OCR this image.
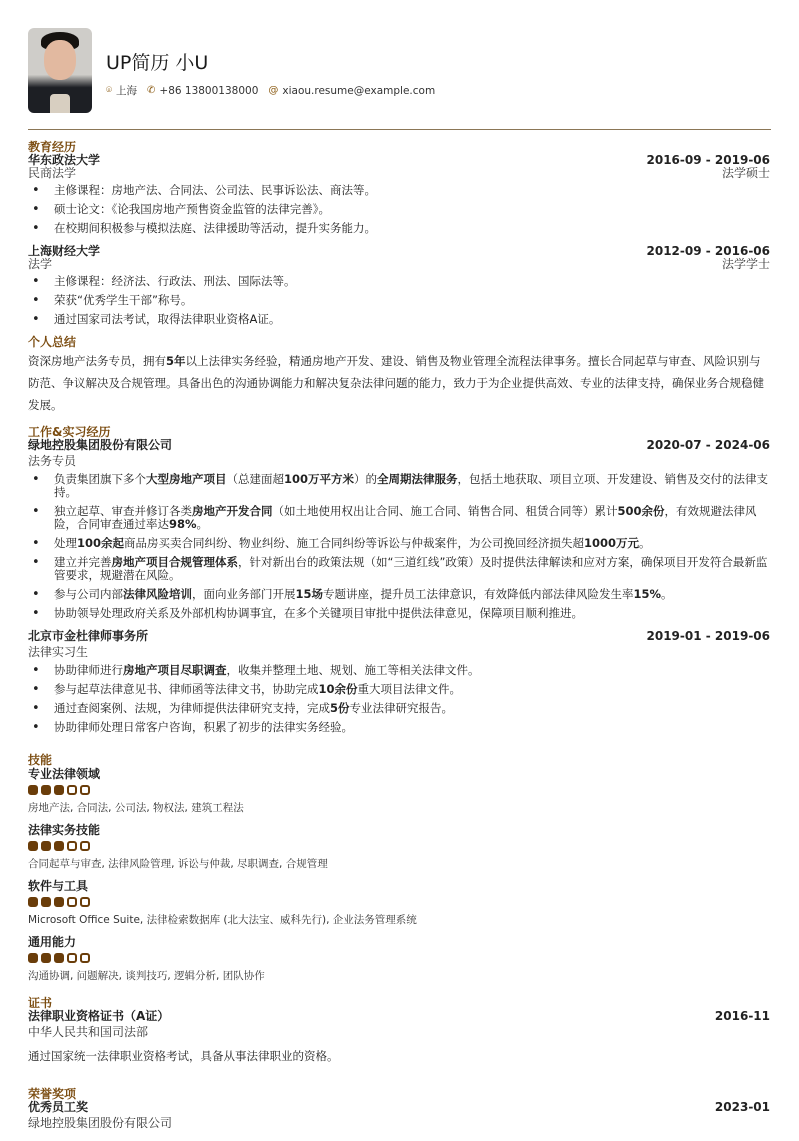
UP简历 小U
⌾ 上海 ✆ +86 13800138000 @ xiaou.resume@example.com
教育经历
华东政法大学	2016-09 - 2019-06
民商法学	法学硕士
• 主修课程：房地产法、合同法、公司法、民事诉讼法、商法等。
• 硕士论文：《论我国房地产预售资金监管的法律完善》。
• 在校期间积极参与模拟法庭、法律援助等活动，提升实务能力。
上海财经大学	2012-09 - 2016-06
法学	法学学士
• 主修课程：经济法、行政法、刑法、国际法等。
• 荣获“优秀学生干部”称号。
• 通过国家司法考试，取得法律职业资格A证。
个人总结
资深房地产法务专员，拥有5年以上法律实务经验，精通房地产开发、建设、销售及物业管理全流程法律事务。擅长合同起草与审查、风险识别与防范、争议解决及合规管理。具备出色的沟通协调能力和解决复杂法律问题的能力，致力于为企业提供高效、专业的法律支持，确保业务合规稳健发展。
工作&实习经历
绿地控股集团股份有限公司	2020-07 - 2024-06
法务专员
• 负责集团旗下多个大型房地产项目（总建面超100万平方米）的全周期法律服务，包括土地获取、项目立项、开发建设、销售及交付的法律支持。
• 独立起草、审查并修订各类房地产开发合同（如土地使用权出让合同、施工合同、销售合同、租赁合同等）累计500余份，有效规避法律风险，合同审查通过率达98%。
• 处理100余起商品房买卖合同纠纷、物业纠纷、施工合同纠纷等诉讼与仲裁案件，为公司挽回经济损失超1000万元。
• 建立并完善房地产项目合规管理体系，针对新出台的政策法规（如“三道红线”政策）及时提供法律解读和应对方案，确保项目开发符合最新监管要求，规避潜在风险。
• 参与公司内部法律风险培训，面向业务部门开展15场专题讲座，提升员工法律意识，有效降低内部法律风险发生率15%。
• 协助领导处理政府关系及外部机构协调事宜，在多个关键项目审批中提供法律意见，保障项目顺利推进。
北京市金杜律师事务所	2019-01 - 2019-06
法律实习生
• 协助律师进行房地产项目尽职调查，收集并整理土地、规划、施工等相关法律文件。
• 参与起草法律意见书、律师函等法律文书，协助完成10余份重大项目法律文件。
• 通过查阅案例、法规，为律师提供法律研究支持，完成5份专业法律研究报告。
• 协助律师处理日常客户咨询，积累了初步的法律实务经验。
技能
专业法律领域
房地产法, 合同法, 公司法, 物权法, 建筑工程法
法律实务技能
合同起草与审查, 法律风险管理, 诉讼与仲裁, 尽职调查, 合规管理
软件与工具
Microsoft Office Suite, 法律检索数据库 (北大法宝、威科先行), 企业法务管理系统
通用能力
沟通协调, 问题解决, 谈判技巧, 逻辑分析, 团队协作
证书
法律职业资格证书（A证）	2016-11
中华人民共和国司法部
通过国家统一法律职业资格考试，具备从事法律职业的资格。
荣誉奖项
优秀员工奖	2023-01
绿地控股集团股份有限公司
